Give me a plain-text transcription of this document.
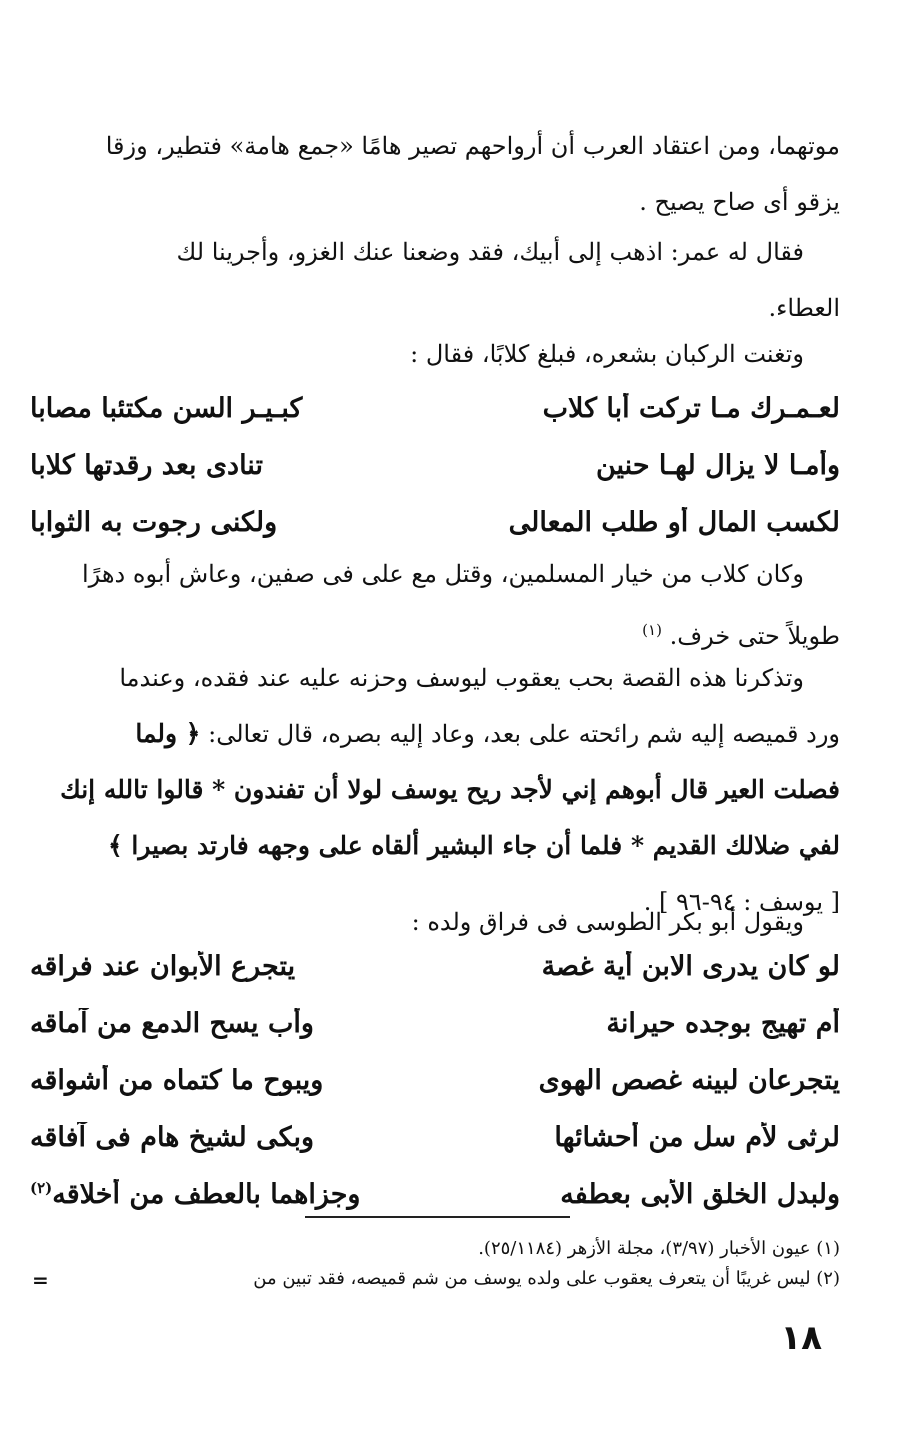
موتهما، ومن اعتقاد العرب أن أرواحهم تصير هامًا «جمع هامة» فتطير، وزقا
يزقو أى صاح يصيح .

فقال له عمر: اذهب إلى أبيك، فقد وضعنا عنك الغزو، وأجرينا لك
العطاء.

وتغنت الركبان بشعره، فبلغ كلابًا، فقال :

لعـمـرك مـا تركت أبا كلاب
كبـيـر السن مكتئبا مصابا
وأمـا لا يزال لهـا حنين
تنادى بعد رقدتها كلابا
لكسب المال أو طلب المعالى
ولكنى رجوت به الثوابا

وكان كلاب من خيار المسلمين، وقتل مع على فى صفين، وعاش أبوه دهرًا
طويلاً حتى خرف. $^{(١)}$

وتذكرنا هذه القصة بحب يعقوب ليوسف وحزنه عليه عند فقده، وعندما
ورد قميصه إليه شم رائحته على بعد، وعاد إليه بصره، قال تعالى: ﴿ ولما
فصلت العير قال أبوهم إني لأجد ريح يوسف لولا أن تفندون * قالوا تالله إنك
لفي ضلالك القديم * فلما أن جاء البشير ألقاه على وجهه فارتد بصيرا ﴾
[ يوسف : ٩٤-٩٦ ] .

ويقول أبو بكر الطوسى فى فراق ولده :

لو كان يدرى الابن أية غصة
يتجرع الأبوان عند فراقه
أم تهيج بوجده حيرانة
وأب يسح الدمع من آماقه
يتجرعان لبينه غصص الهوى
ويبوح ما كتماه من أشواقه
لرثى لأم سل من أحشائها
وبكى لشيخ هام فى آفاقه
ولبدل الخلق الأبى بعطفه
وجزاهما بالعطف من أخلاقه$^{(٢)}$
(١) عيون الأخبار (٣/٩٧)، مجلة الأزهر (٢٥/١١٨٤).
(٢) ليس غريبًا أن يتعرف يعقوب على ولده يوسف من شم قميصه، فقد تبين من
=
١٨
